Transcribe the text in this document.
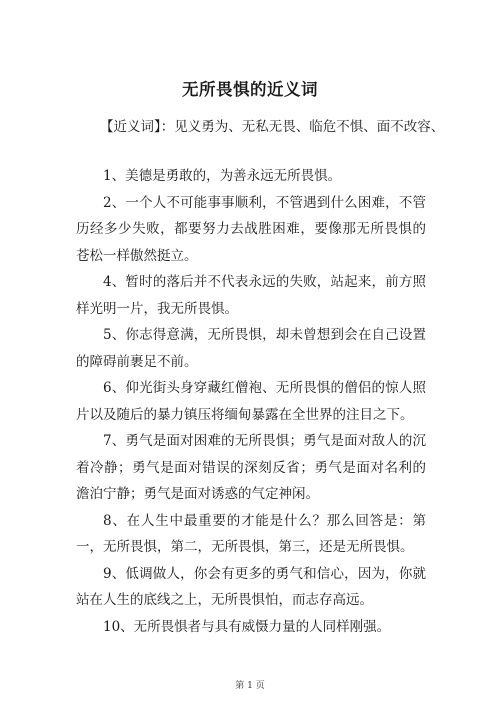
无所畏惧的近义词

【近义词】：见义勇为、无私无畏、临危不惧、面不改容、

1、美德是勇敢的，为善永远无所畏惧。

2、一个人不可能事事顺利，不管遇到什么困难，不管历经多少失败，都要努力去战胜困难，要像那无所畏惧的苍松一样傲然挺立。

4、暂时的落后并不代表永远的失败，站起来，前方照样光明一片，我无所畏惧。

5、你志得意满，无所畏惧，却未曾想到会在自己设置的障碍前裹足不前。

6、仰光街头身穿藏红僧袍、无所畏惧的僧侣的惊人照片以及随后的暴力镇压将缅甸暴露在全世界的注目之下。

7、勇气是面对困难的无所畏惧；勇气是面对敌人的沉着冷静；勇气是面对错误的深刻反省；勇气是面对名利的澹泊宁静；勇气是面对诱惑的气定神闲。

8、在人生中最重要的才能是什么？那么回答是：第一，无所畏惧，第二，无所畏惧，第三，还是无所畏惧。

9、低调做人，你会有更多的勇气和信心，因为，你就站在人生的底线之上，无所畏惧怕，而志存高远。

10、无所畏惧者与具有威慑力量的人同样刚强。

第 1 页
